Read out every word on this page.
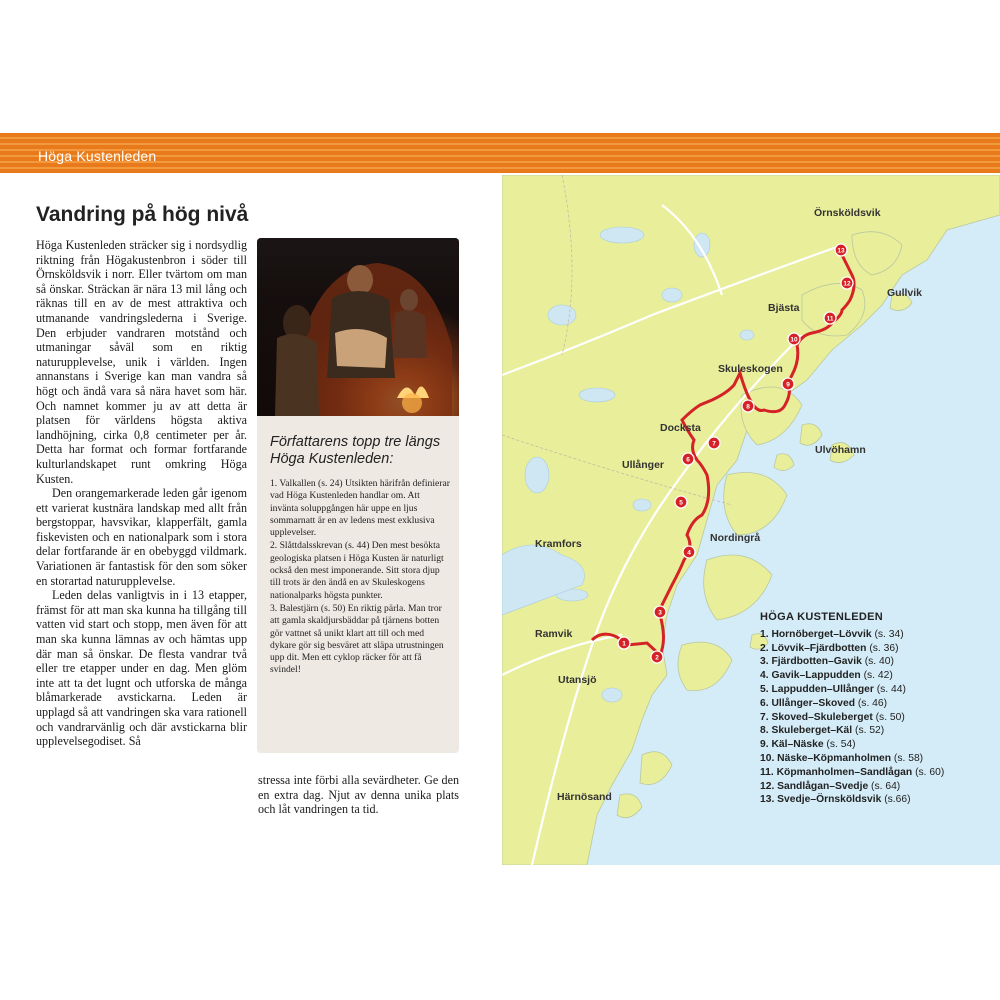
Höga Kustenleden
Vandring på hög nivå

Höga Kustenleden sträcker sig i nordsydlig riktning från Högakustenbron i söder till Örnsköldsvik i norr. Eller tvärtom om man så önskar. Sträckan är nära 13 mil lång och räknas till en av de mest attraktiva och utmanande vandringslederna i Sverige. Den erbjuder vandraren motstånd och utmaningar såväl som en riktig naturupplevelse, unik i världen. Ingen annanstans i Sverige kan man vandra så högt och ändå vara så nära havet som här. Och namnet kommer ju av att detta är platsen för världens högsta aktiva landhöjning, cirka 0,8 centimeter per år. Detta har format och formar fortfarande kulturlandskapet runt omkring Höga Kusten.

Den orangemarkerade leden går igenom ett varierat kustnära landskap med allt från bergstoppar, havsvikar, klapperfält, gamla fiskevisten och en nationalpark som i stora delar fortfarande är en obebyggd vildmark. Variationen är fantastisk för den som söker en storartad naturupplevelse.

Leden delas vanligtvis in i 13 etapper, främst för att man ska kunna ha tillgång till vatten vid start och stopp, men även för att man ska kunna lämnas av och hämtas upp där man så önskar. De flesta vandrar två eller tre etapper under en dag. Men glöm inte att ta det lugnt och utforska de många blåmarkerade avstickarna. Leden är upplagd så att vandringen ska vara rationell och vandrarvänlig och där avstickarna blir upplevelsegodiset. Så

Författarens topp tre längs Höga Kustenleden:

1. Valkallen (s. 24) Utsikten härifrån definierar vad Höga Kustenleden handlar om. Att invänta soluppgången här uppe en ljus sommarnatt är en av ledens mest exklusiva upplevelser.

2. Slåttdalsskrevan (s. 44) Den mest besökta geologiska platsen i Höga Kusten är naturligt också den mest imponerande. Sitt stora djup till trots är den ändå en av Skuleskogens nationalparks högsta punkter.

3. Balestjärn (s. 50) En riktig pärla. Man tror att gamla skaldjursbäddar på tjärnens botten gör vattnet så unikt klart att till och med dykare gör sig besväret att släpa utrustningen upp dit. Men ett cyklop räcker för att få svindel!

stressa inte förbi alla sevärdheter. Ge den en extra dag. Njut av denna unika plats och låt vandringen ta tid.
1
2
3
4
5
6
7
8
9
10
11
12
13
Örnsköldsvik
Gullvik
Bjästa
Skuleskogen
Docksta
Ulvöhamn
Ullånger
Nordingrå
Kramfors
Ramvik
Utansjö
Härnösand
HÖGA KUSTENLEDEN
1. Hornöberget–Lövvik (s. 34)
2. Lövvik–Fjärdbotten (s. 36)
3. Fjärdbotten–Gavik (s. 40)
4. Gavik–Lappudden (s. 42)
5. Lappudden–Ullånger (s. 44)
6. Ullånger–Skoved (s. 46)
7. Skoved–Skuleberget (s. 50)
8. Skuleberget–Käl (s. 52)
9. Käl–Näske (s. 54)
10. Näske–Köpmanholmen (s. 58)
11. Köpmanholmen–Sandlågan (s. 60)
12. Sandlågan–Svedje (s. 64)
13. Svedje–Örnsköldsvik (s.66)
